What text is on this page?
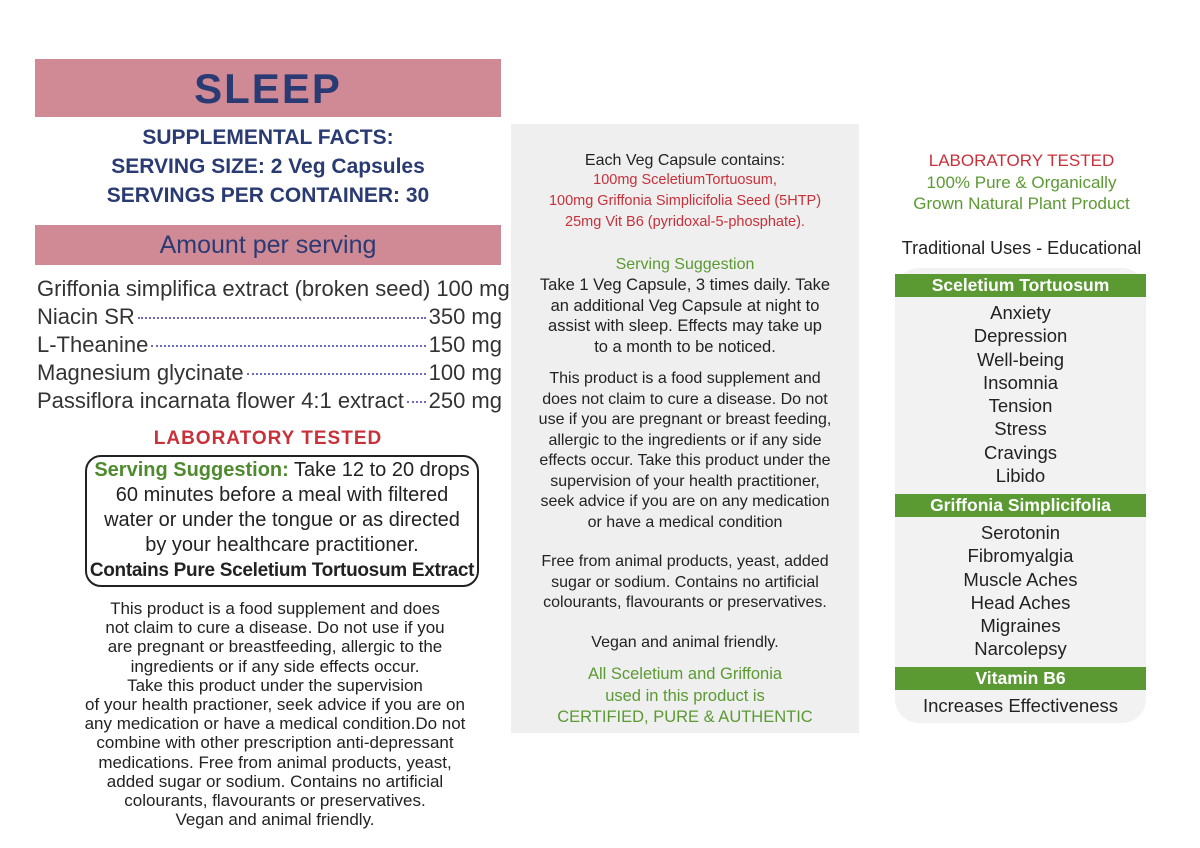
SLEEP
SUPPLEMENTAL FACTS:
SERVING SIZE: 2 Veg Capsules
SERVINGS PER CONTAINER: 30
Amount per serving
Griffonia simplifica extract (broken seed) 100 mg
Niacin SR	350 mg
L-Theanine	150 mg
Magnesium glycinate	100 mg
Passiflora incarnata flower 4:1 extract 250 mg
LABORATORY TESTED
Serving Suggestion: Take 12 to 20 drops
60 minutes before a meal with filtered
water or under the tongue or as directed
by your healthcare practitioner.
Contains Pure Sceletium Tortuosum Extract
This product is a food supplement and does
not claim to cure a disease. Do not use if you
are pregnant or breastfeeding, allergic to the
ingredients or if any side effects occur.
Take this product under the supervision
of your health practioner, seek advice if you are on
any medication or have a medical condition.Do not
combine with other prescription anti-depressant
medications. Free from animal products, yeast,
added sugar or sodium. Contains no artificial
colourants, flavourants or preservatives.
Vegan and animal friendly.
Each Veg Capsule contains:
100mg SceletiumTortuosum,
100mg Griffonia Simplicifolia Seed (5HTP)
25mg Vit B6 (pyridoxal-5-phosphate).
Serving Suggestion
Take 1 Veg Capsule, 3 times daily. Take
an additional Veg Capsule at night to
assist with sleep. Effects may take up
to a month to be noticed.
This product is a food supplement and
does not claim to cure a disease. Do not
use if you are pregnant or breast feeding,
allergic to the ingredients or if any side
effects occur. Take this product under the
supervision of your health practitioner,
seek advice if you are on any medication
or have a medical condition
Free from animal products, yeast, added
sugar or sodium. Contains no artificial
colourants, flavourants or preservatives.
Vegan and animal friendly.
All Sceletium and Griffonia
used in this product is
CERTIFIED, PURE & AUTHENTIC
LABORATORY TESTED
100% Pure & Organically
Grown Natural Plant Product
Traditional Uses - Educational
Sceletium Tortuosum
Anxiety
Depression
Well-being
Insomnia
Tension
Stress
Cravings
Libido
Griffonia Simplicifolia
Serotonin
Fibromyalgia
Muscle Aches
Head Aches
Migraines
Narcolepsy
Vitamin B6
Increases Effectiveness
